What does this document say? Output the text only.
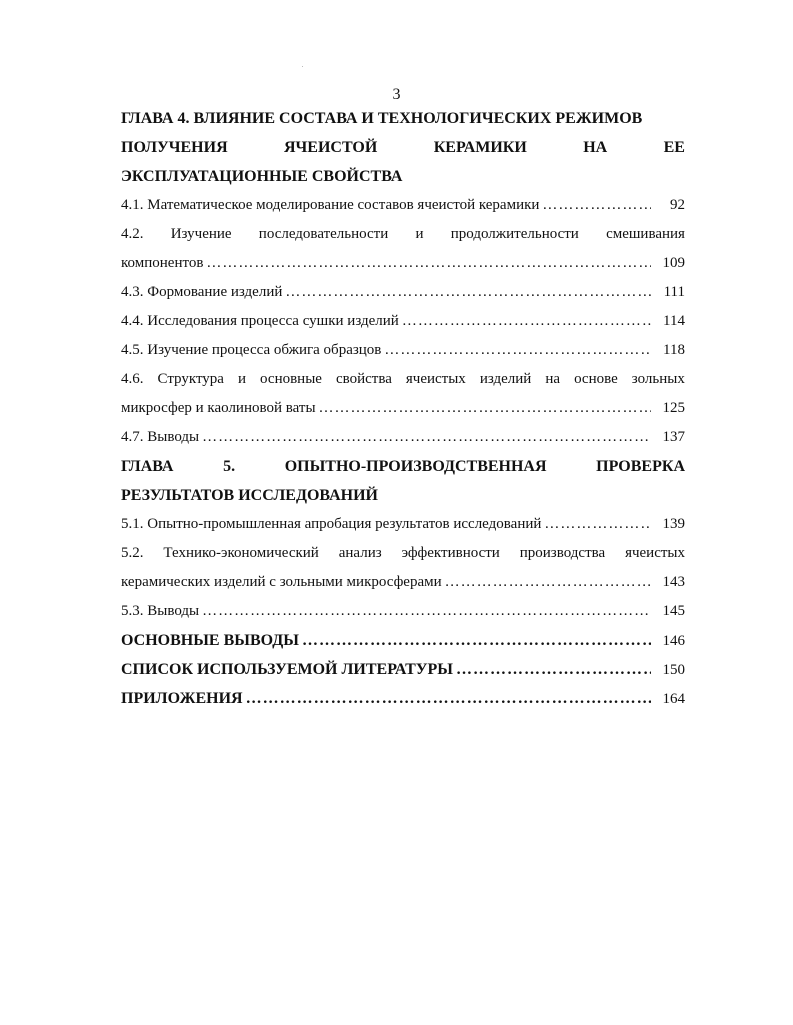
3
ГЛАВА 4. ВЛИЯНИЕ СОСТАВА И ТЕХНОЛОГИЧЕСКИХ РЕЖИМОВ
ПОЛУЧЕНИЯ	ЯЧЕИСТОЙ	КЕРАМИКИ	НА	ЕЕ
ЭКСПЛУАТАЦИОННЫЕ СВОЙСТВА
4.1. Математическое моделирование составов ячеистой керамики ……………………………………………………………………………………………………………………………	92
4.2. Изучение последовательности и продолжительности смешивания
компонентов ……………………………………………………………………………………………………………………………	109
4.3. Формование изделий ……………………………………………………………………………………………………………………………	111
4.4. Исследования процесса сушки изделий ……………………………………………………………………………………………………………………………	114
4.5. Изучение процесса обжига образцов ……………………………………………………………………………………………………………………………	118
4.6. Структура и основные свойства ячеистых изделий на основе зольных
микросфер и каолиновой ваты ……………………………………………………………………………………………………………………………	125
4.7. Выводы ……………………………………………………………………………………………………………………………	137
ГЛАВА	5.	ОПЫТНО-ПРОИЗВОДСТВЕННАЯ	ПРОВЕРКА
РЕЗУЛЬТАТОВ ИССЛЕДОВАНИЙ
5.1. Опытно-промышленная апробация результатов исследований ……………………………………………………………………………………………………………………………	139
5.2. Технико-экономический анализ эффективности производства ячеистых
керамических изделий с зольными микросферами ……………………………………………………………………………………………………………………………	143
5.3. Выводы ……………………………………………………………………………………………………………………………	145
ОСНОВНЫЕ ВЫВОДЫ ……………………………………………………………………………………………………………………………	146
СПИСОК ИСПОЛЬЗУЕМОЙ ЛИТЕРАТУРЫ ……………………………………………………………………………………………………………………………	150
ПРИЛОЖЕНИЯ ……………………………………………………………………………………………………………………………	164
